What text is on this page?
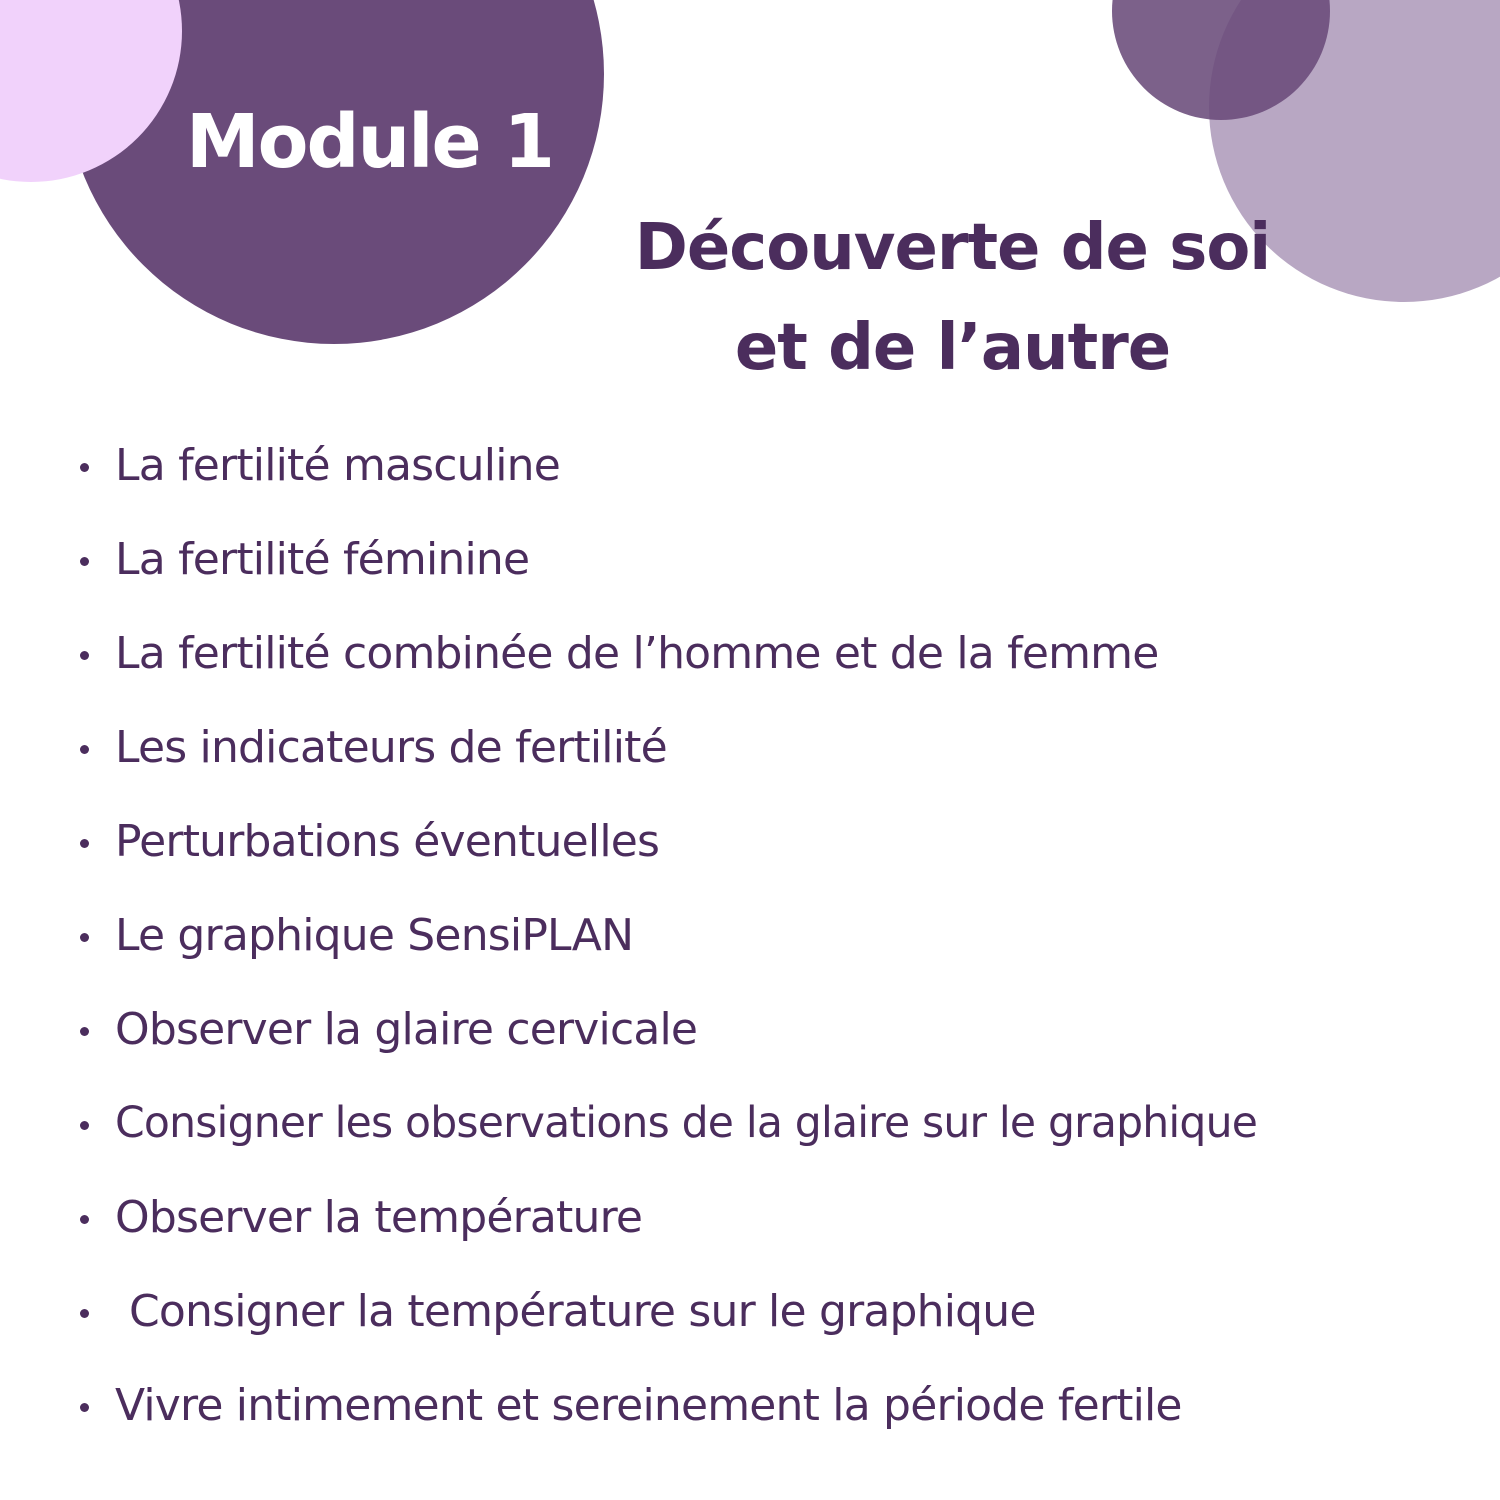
Module 1
Découverte de soi
et de l’autre
La fertilité masculine
La fertilité féminine
La fertilité combinée de l’homme et de la femme
Les indicateurs de fertilité
Perturbations éventuelles
Le graphique SensiPLAN
Observer la glaire cervicale
Consigner les observations de la glaire sur le graphique
Observer la température
Consigner la température sur le graphique
Vivre intimement et sereinement la période fertile
